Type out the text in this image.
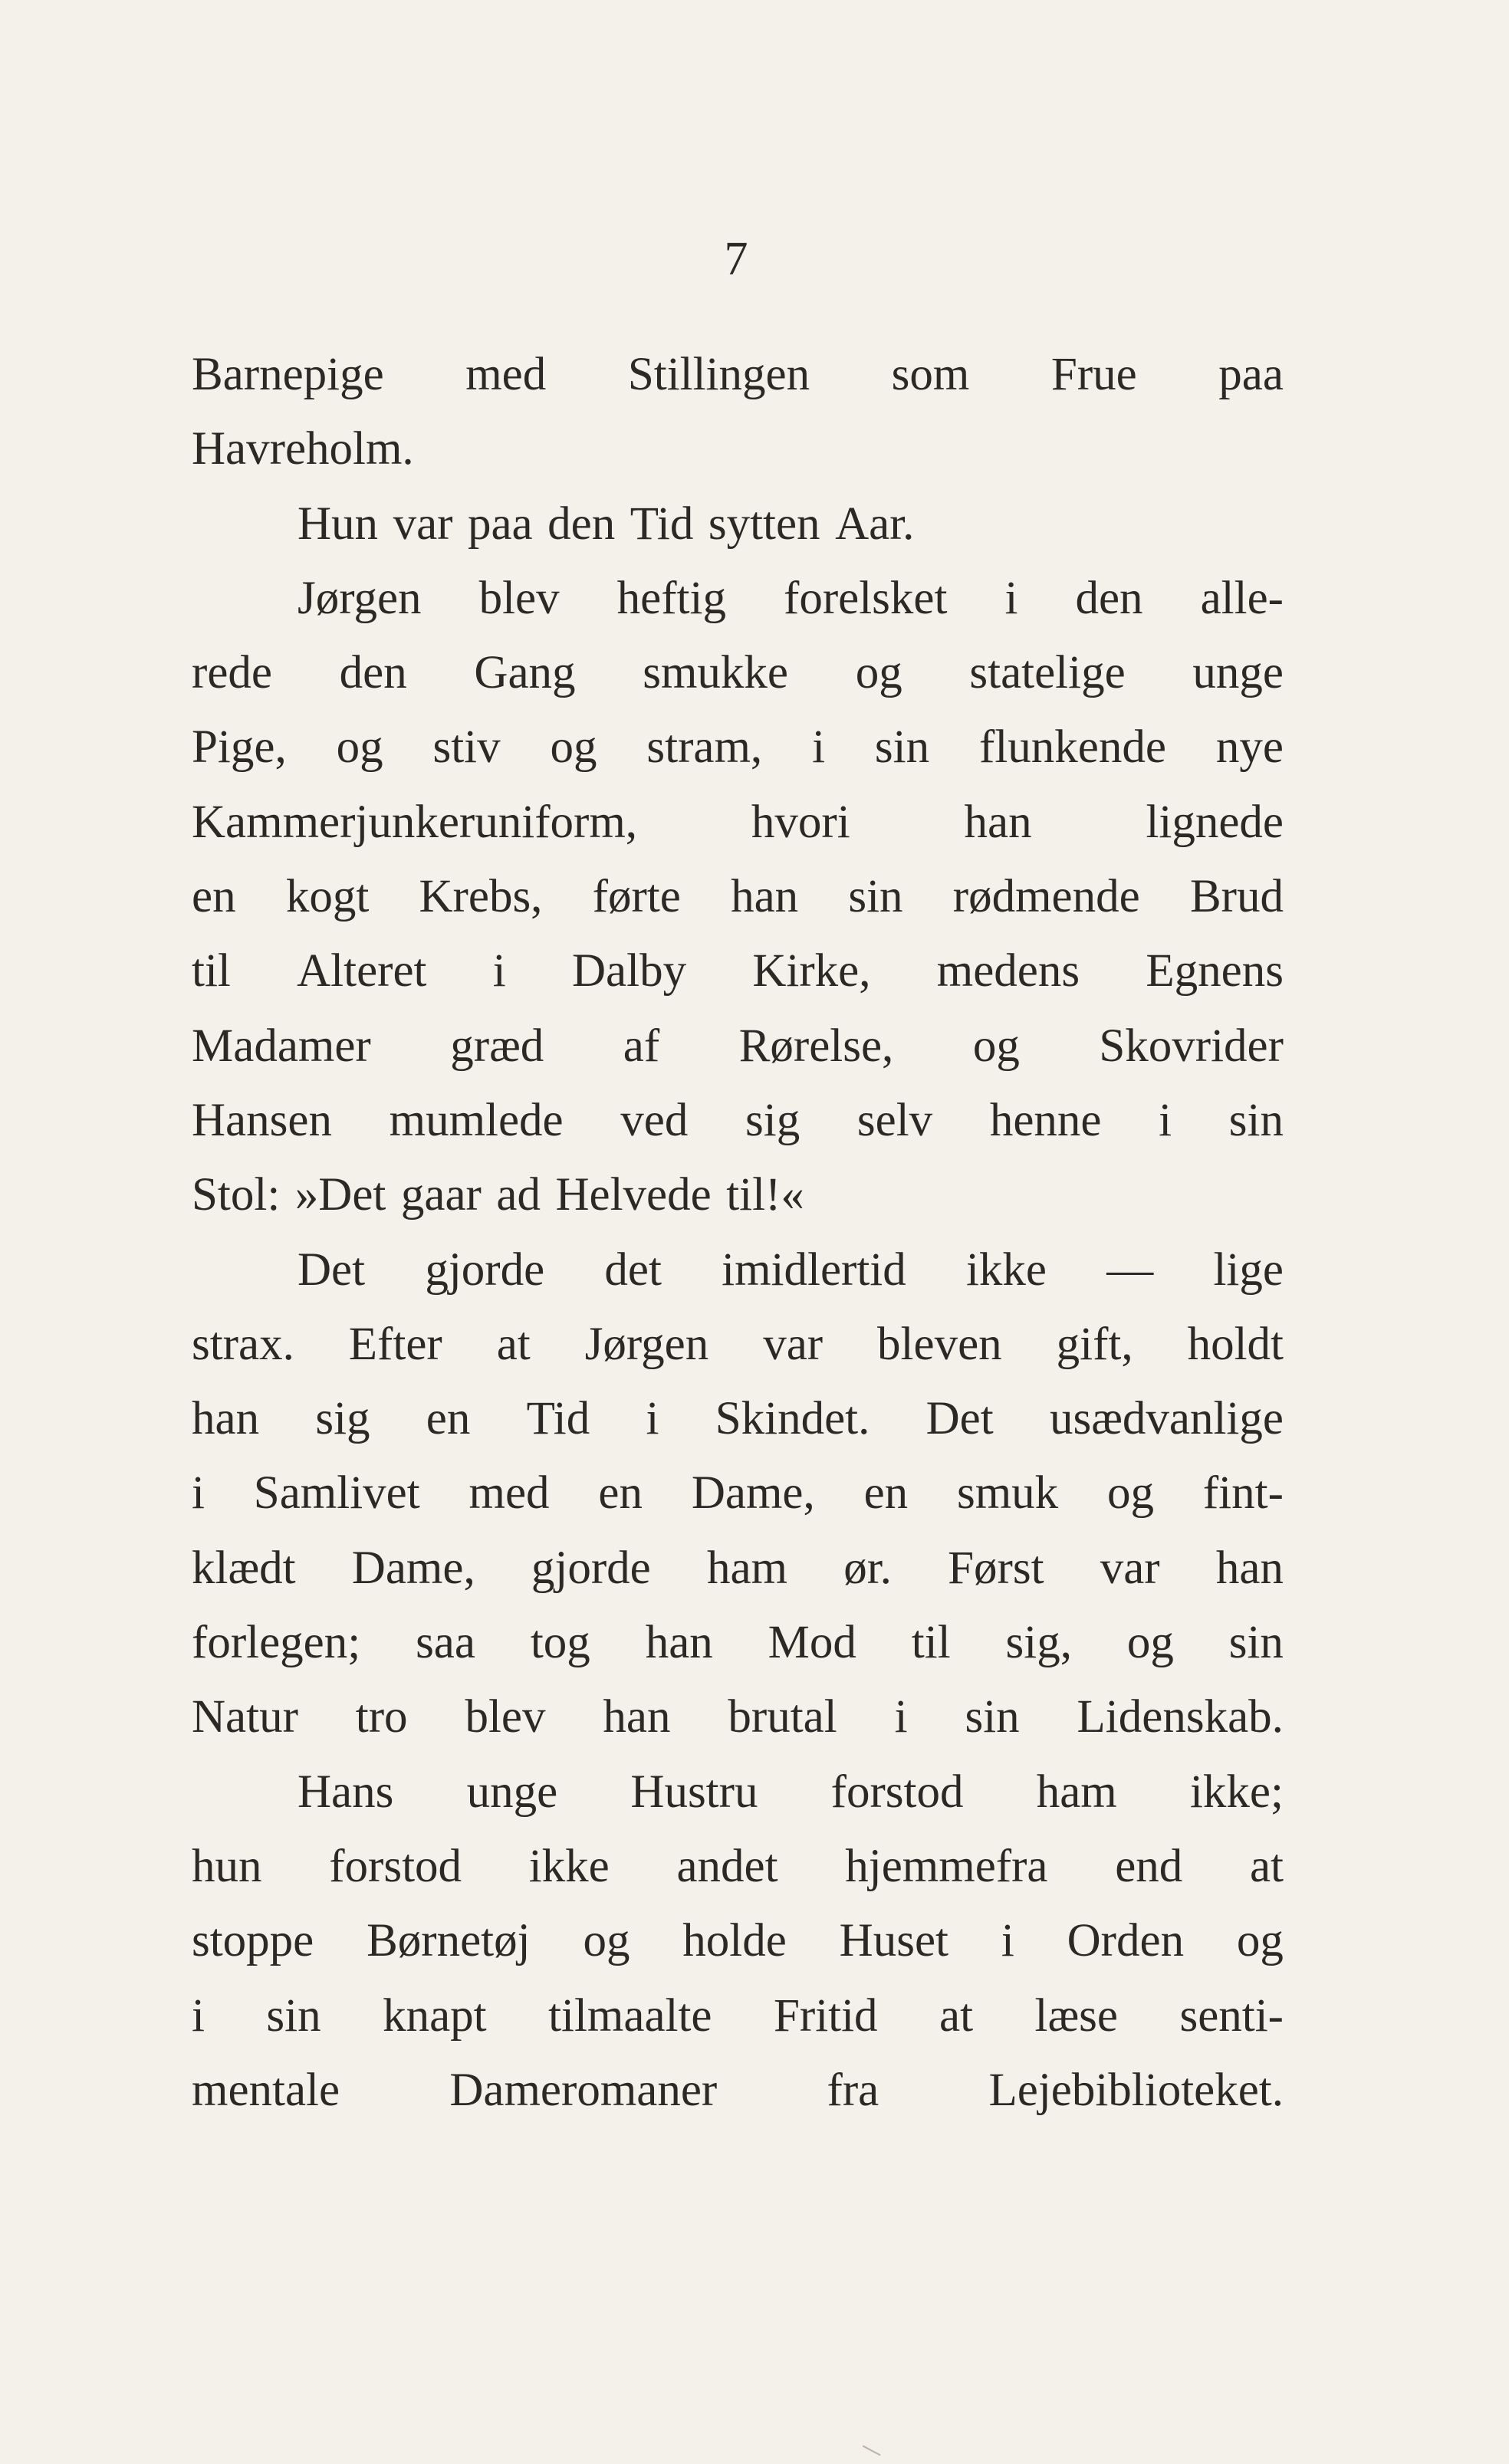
7
Barnepige med Stillingen som Frue paa
Havreholm.
Hun var paa den Tid sytten Aar.
Jørgen blev heftig forelsket i den alle-
rede den Gang smukke og statelige unge
Pige, og stiv og stram, i sin flunkende nye
Kammerjunkeruniform, hvori han lignede
en kogt Krebs, førte han sin rødmende Brud
til Alteret i Dalby Kirke, medens Egnens
Madamer græd af Rørelse, og Skovrider
Hansen mumlede ved sig selv henne i sin
Stol: »Det gaar ad Helvede til!«
Det gjorde det imidlertid ikke — lige
strax. Efter at Jørgen var bleven gift, holdt
han sig en Tid i Skindet. Det usædvanlige
i Samlivet med en Dame, en smuk og fint-
klædt Dame, gjorde ham ør. Først var han
forlegen; saa tog han Mod til sig, og sin
Natur tro blev han brutal i sin Lidenskab.
Hans unge Hustru forstod ham ikke;
hun forstod ikke andet hjemmefra end at
stoppe Børnetøj og holde Huset i Orden og
i sin knapt tilmaalte Fritid at læse senti-
mentale Dameromaner fra Lejebiblioteket.
